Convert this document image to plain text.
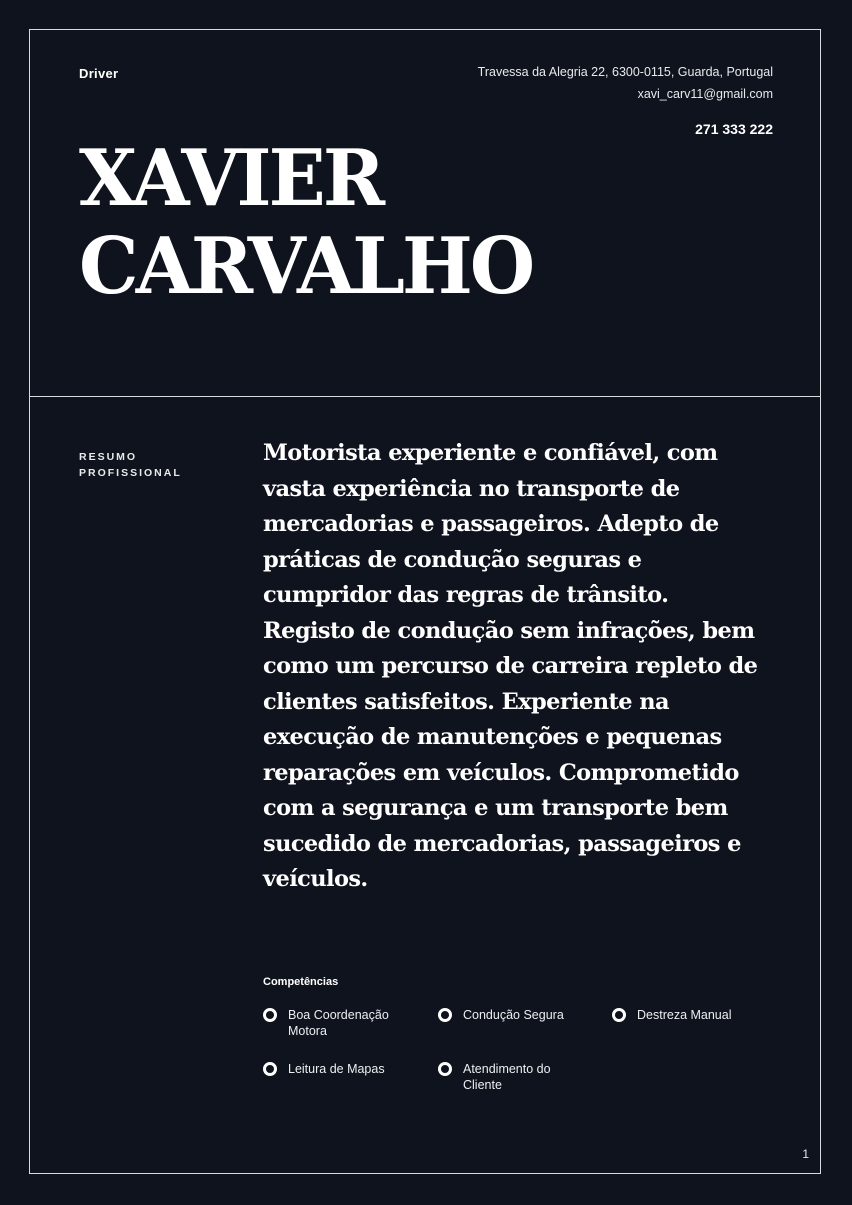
Driver	Travessa da Alegria 22, 6300-0115, Guarda, Portugal
xavi_carv11@gmail.com
271 333 222
XAVIER
CARVALHO
RESUMO
PROFISSIONAL
Motorista experiente e confiável, com vasta experiência no transporte de mercadorias e passageiros. Adepto de práticas de condução seguras e cumpridor das regras de trânsito. Registo de condução sem infrações, bem como um percurso de carreira repleto de clientes satisfeitos. Experiente na execução de manutenções e pequenas reparações em veículos. Comprometido com a segurança e um transporte bem sucedido de mercadorias, passageiros e veículos.
Competências
Boa Coordenação Motora
Condução Segura	Destreza Manual
Leitura de Mapas	Atendimento do Cliente
1
